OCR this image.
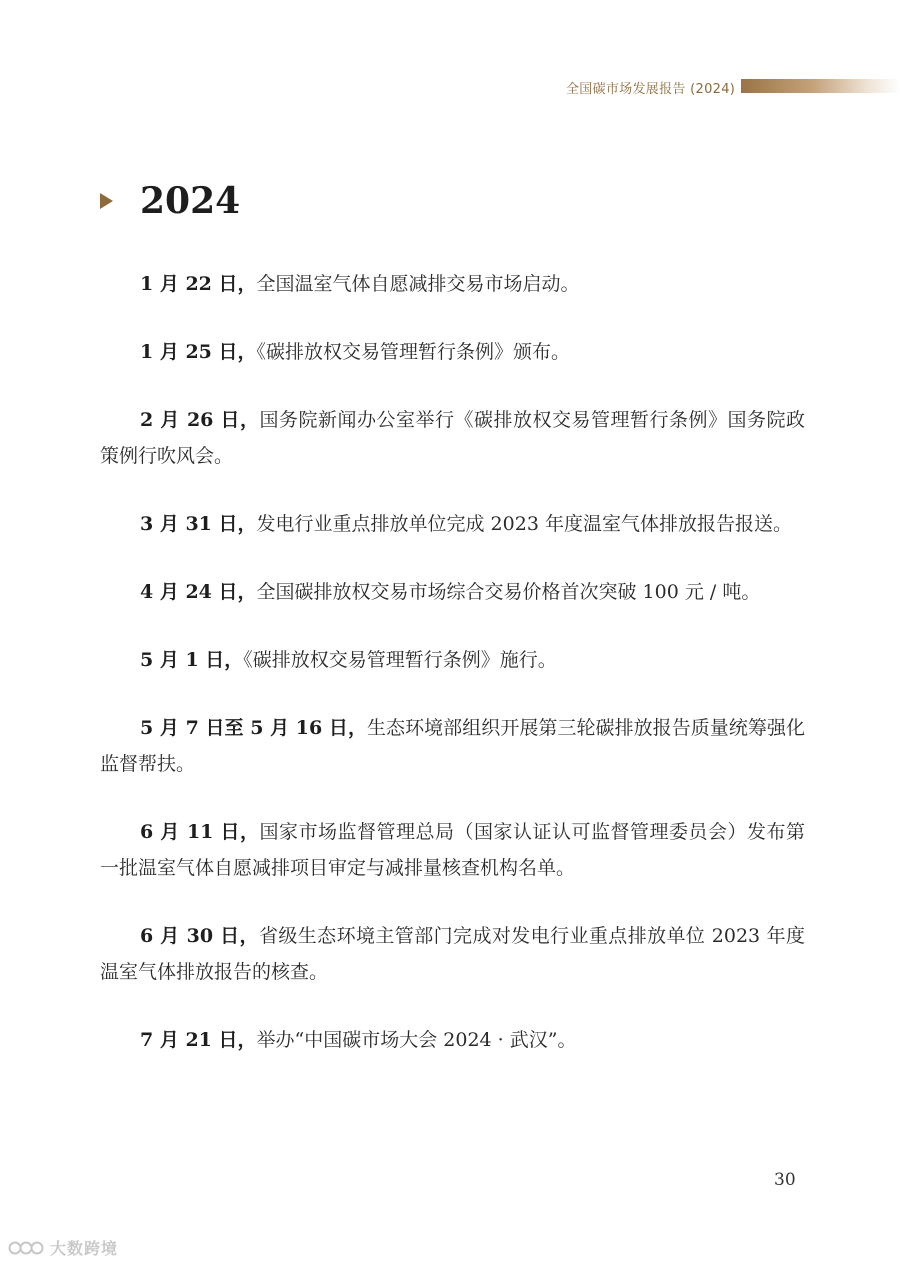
全国碳市场发展报告 (2024)
2024

1 月 22 日，全国温室气体自愿减排交易市场启动。

1 月 25 日，《碳排放权交易管理暂行条例》颁布。

2 月 26 日，国务院新闻办公室举行《碳排放权交易管理暂行条例》国务院政策例行吹风会。

3 月 31 日，发电行业重点排放单位完成 2023 年度温室气体排放报告报送。

4 月 24 日，全国碳排放权交易市场综合交易价格首次突破 100 元 / 吨。

5 月 1 日，《碳排放权交易管理暂行条例》施行。

5 月 7 日至 5 月 16 日，生态环境部组织开展第三轮碳排放报告质量统筹强化监督帮扶。

6 月 11 日，国家市场监督管理总局（国家认证认可监督管理委员会）发布第一批温室气体自愿减排项目审定与减排量核查机构名单。

6 月 30 日，省级生态环境主管部门完成对发电行业重点排放单位 2023 年度温室气体排放报告的核查。

7 月 21 日，举办“中国碳市场大会 2024 · 武汉”。

30
大数跨境
